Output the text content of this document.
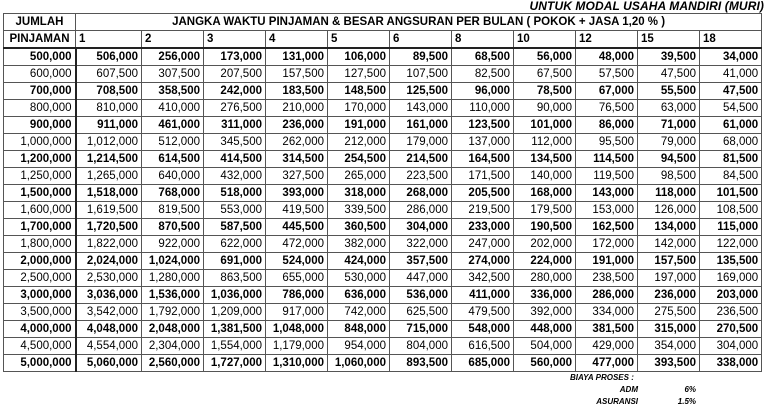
UNTUK MODAL USAHA MANDIRI (MURI)
JUMLAH	JANGKA WAKTU PINJAMAN & BESAR ANGSURAN PER BULAN ( POKOK + JASA 1,20 % )										
PINJAMAN	1	2	3	4	5	6	8	10	12	15	18
500,000	506,000	256,000	173,000	131,000	106,000	89,500	68,500	56,000	48,000	39,500	34,000
600,000	607,500	307,500	207,500	157,500	127,500	107,500	82,500	67,500	57,500	47,500	41,000
700,000	708,500	358,500	242,000	183,500	148,500	125,500	96,000	78,500	67,000	55,500	47,500
800,000	810,000	410,000	276,500	210,000	170,000	143,000	110,000	90,000	76,500	63,000	54,500
900,000	911,000	461,000	311,000	236,000	191,000	161,000	123,500	101,000	86,000	71,000	61,000
1,000,000	1,012,000	512,000	345,500	262,000	212,000	179,000	137,000	112,000	95,500	79,000	68,000
1,200,000	1,214,500	614,500	414,500	314,500	254,500	214,500	164,500	134,500	114,500	94,500	81,500
1,250,000	1,265,000	640,000	432,000	327,500	265,000	223,500	171,500	140,000	119,500	98,500	84,500
1,500,000	1,518,000	768,000	518,000	393,000	318,000	268,000	205,500	168,000	143,000	118,000	101,500
1,600,000	1,619,500	819,500	553,000	419,500	339,500	286,000	219,500	179,500	153,000	126,000	108,500
1,700,000	1,720,500	870,500	587,500	445,500	360,500	304,000	233,000	190,500	162,500	134,000	115,000
1,800,000	1,822,000	922,000	622,000	472,000	382,000	322,000	247,000	202,000	172,000	142,000	122,000
2,000,000	2,024,000	1,024,000	691,000	524,000	424,000	357,500	274,000	224,000	191,000	157,500	135,500
2,500,000	2,530,000	1,280,000	863,500	655,000	530,000	447,000	342,500	280,000	238,500	197,000	169,000
3,000,000	3,036,000	1,536,000	1,036,000	786,000	636,000	536,000	411,000	336,000	286,000	236,000	203,000
3,500,000	3,542,000	1,792,000	1,209,000	917,000	742,000	625,500	479,500	392,000	334,000	275,500	236,500
4,000,000	4,048,000	2,048,000	1,381,500	1,048,000	848,000	715,000	548,000	448,000	381,500	315,000	270,500
4,500,000	4,554,000	2,304,000	1,554,000	1,179,000	954,000	804,000	616,500	504,000	429,000	354,000	304,000
5,000,000	5,060,000	2,560,000	1,727,000	1,310,000	1,060,000	893,500	685,000	560,000	477,000	393,500	338,000
BIAYA PROSES :
ADM	6%
ASURANSI	1.5%
